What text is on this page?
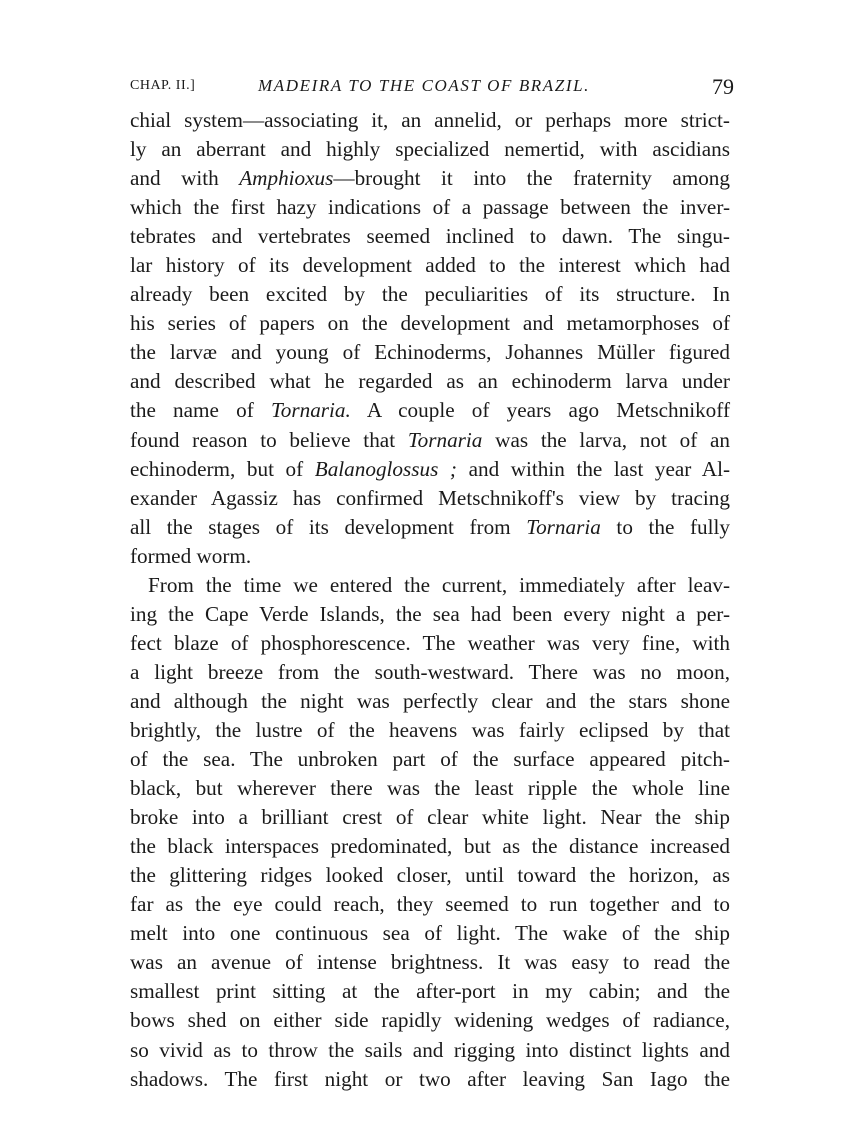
CHAP. II.]	MADEIRA TO THE COAST OF BRAZIL.	79
chial system—associating it, an annelid, or perhaps more strict-
ly an aberrant and highly specialized nemertid, with ascidians
and with Amphioxus—brought it into the fraternity among
which the first hazy indications of a passage between the inver-
tebrates and vertebrates seemed inclined to dawn. The singu-
lar history of its development added to the interest which had
already been excited by the peculiarities of its structure. In
his series of papers on the development and metamorphoses of
the larvæ and young of Echinoderms, Johannes Müller figured
and described what he regarded as an echinoderm larva under
the name of Tornaria. A couple of years ago Metschnikoff
found reason to believe that Tornaria was the larva, not of an
echinoderm, but of Balanoglossus ; and within the last year Al-
exander Agassiz has confirmed Metschnikoff's view by tracing
all the stages of its development from Tornaria to the fully
formed worm.
From the time we entered the current, immediately after leav-
ing the Cape Verde Islands, the sea had been every night a per-
fect blaze of phosphorescence. The weather was very fine, with
a light breeze from the south-westward. There was no moon,
and although the night was perfectly clear and the stars shone
brightly, the lustre of the heavens was fairly eclipsed by that
of the sea. The unbroken part of the surface appeared pitch-
black, but wherever there was the least ripple the whole line
broke into a brilliant crest of clear white light. Near the ship
the black interspaces predominated, but as the distance increased
the glittering ridges looked closer, until toward the horizon, as
far as the eye could reach, they seemed to run together and to
melt into one continuous sea of light. The wake of the ship
was an avenue of intense brightness. It was easy to read the
smallest print sitting at the after-port in my cabin; and the
bows shed on either side rapidly widening wedges of radiance,
so vivid as to throw the sails and rigging into distinct lights and
shadows. The first night or two after leaving San Iago the
